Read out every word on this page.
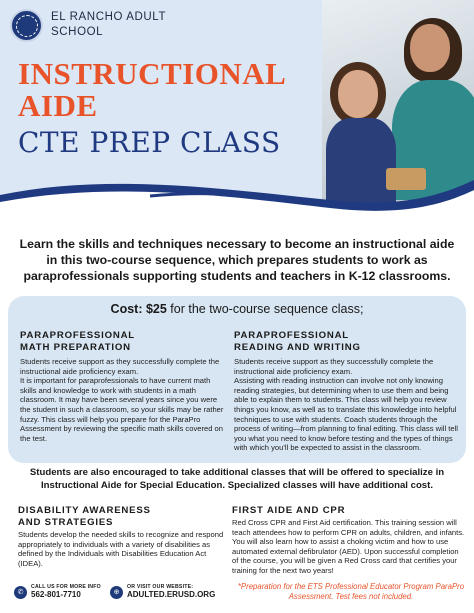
EL RANCHO ADULT
SCHOOL
INSTRUCTIONAL
AIDE
CTE PREP CLASS
Learn the skills and techniques necessary to become an instructional aide in this two-course sequence, which prepares students to work as paraprofessionals supporting students and teachers in K-12 classrooms.
Cost: $25 for the two-course sequence class;
PARAPROFESSIONAL
MATH PREPARATION

Students receive support as they successfully complete the instructional aide proficiency exam.

It is important for paraprofessionals to have current math skills and knowledge to work with students in a math classroom. It may have been several years since you were the student in such a classroom, so your skills may be rather fuzzy. This class will help you prepare for the ParaPro Assessment by reviewing the specific math skills covered on the test.

PARAPROFESSIONAL
READING AND WRITING

Students receive support as they successfully complete the instructional aide proficiency exam.

Assisting with reading instruction can involve not only knowing reading strategies, but determining when to use them and being able to explain them to students. This class will help you review things you know, as well as to translate this knowledge into helpful techniques to use with students. Coach students through the process of writing—from planning to final editing. This class will tell you what you need to know before testing and the types of things with which you'll be expected to assist in the classroom.

Students are also encouraged to take additional classes that will be offered to specialize in Instructional Aide for Special Education. Specialized classes will have additional cost.
DISABILITY AWARENESS
AND STRATEGIES
Students develop the needed skills to recognize and respond appropriately to individuals with a variety of disabilities as defined by the Individuals with Disabilities Education Act (IDEA).
FIRST AIDE AND CPR
Red Cross CPR and First Aid certification. This training session will teach attendees how to perform CPR on adults, children, and infants. You will also learn how to assist a choking victim and how to use automated external defibrulator (AED). Upon successful completion of the course, you will be given a Red Cross card that certifies your training for the next two years!
*Preparation for the ETS Professional Educator Program ParaPro Assessment. Test fees not included.
✆
CALL US FOR MORE INFO
562-801-7710	⊕
OR VISIT OUR WEBSITE:
ADULTED.ERUSD.ORG
